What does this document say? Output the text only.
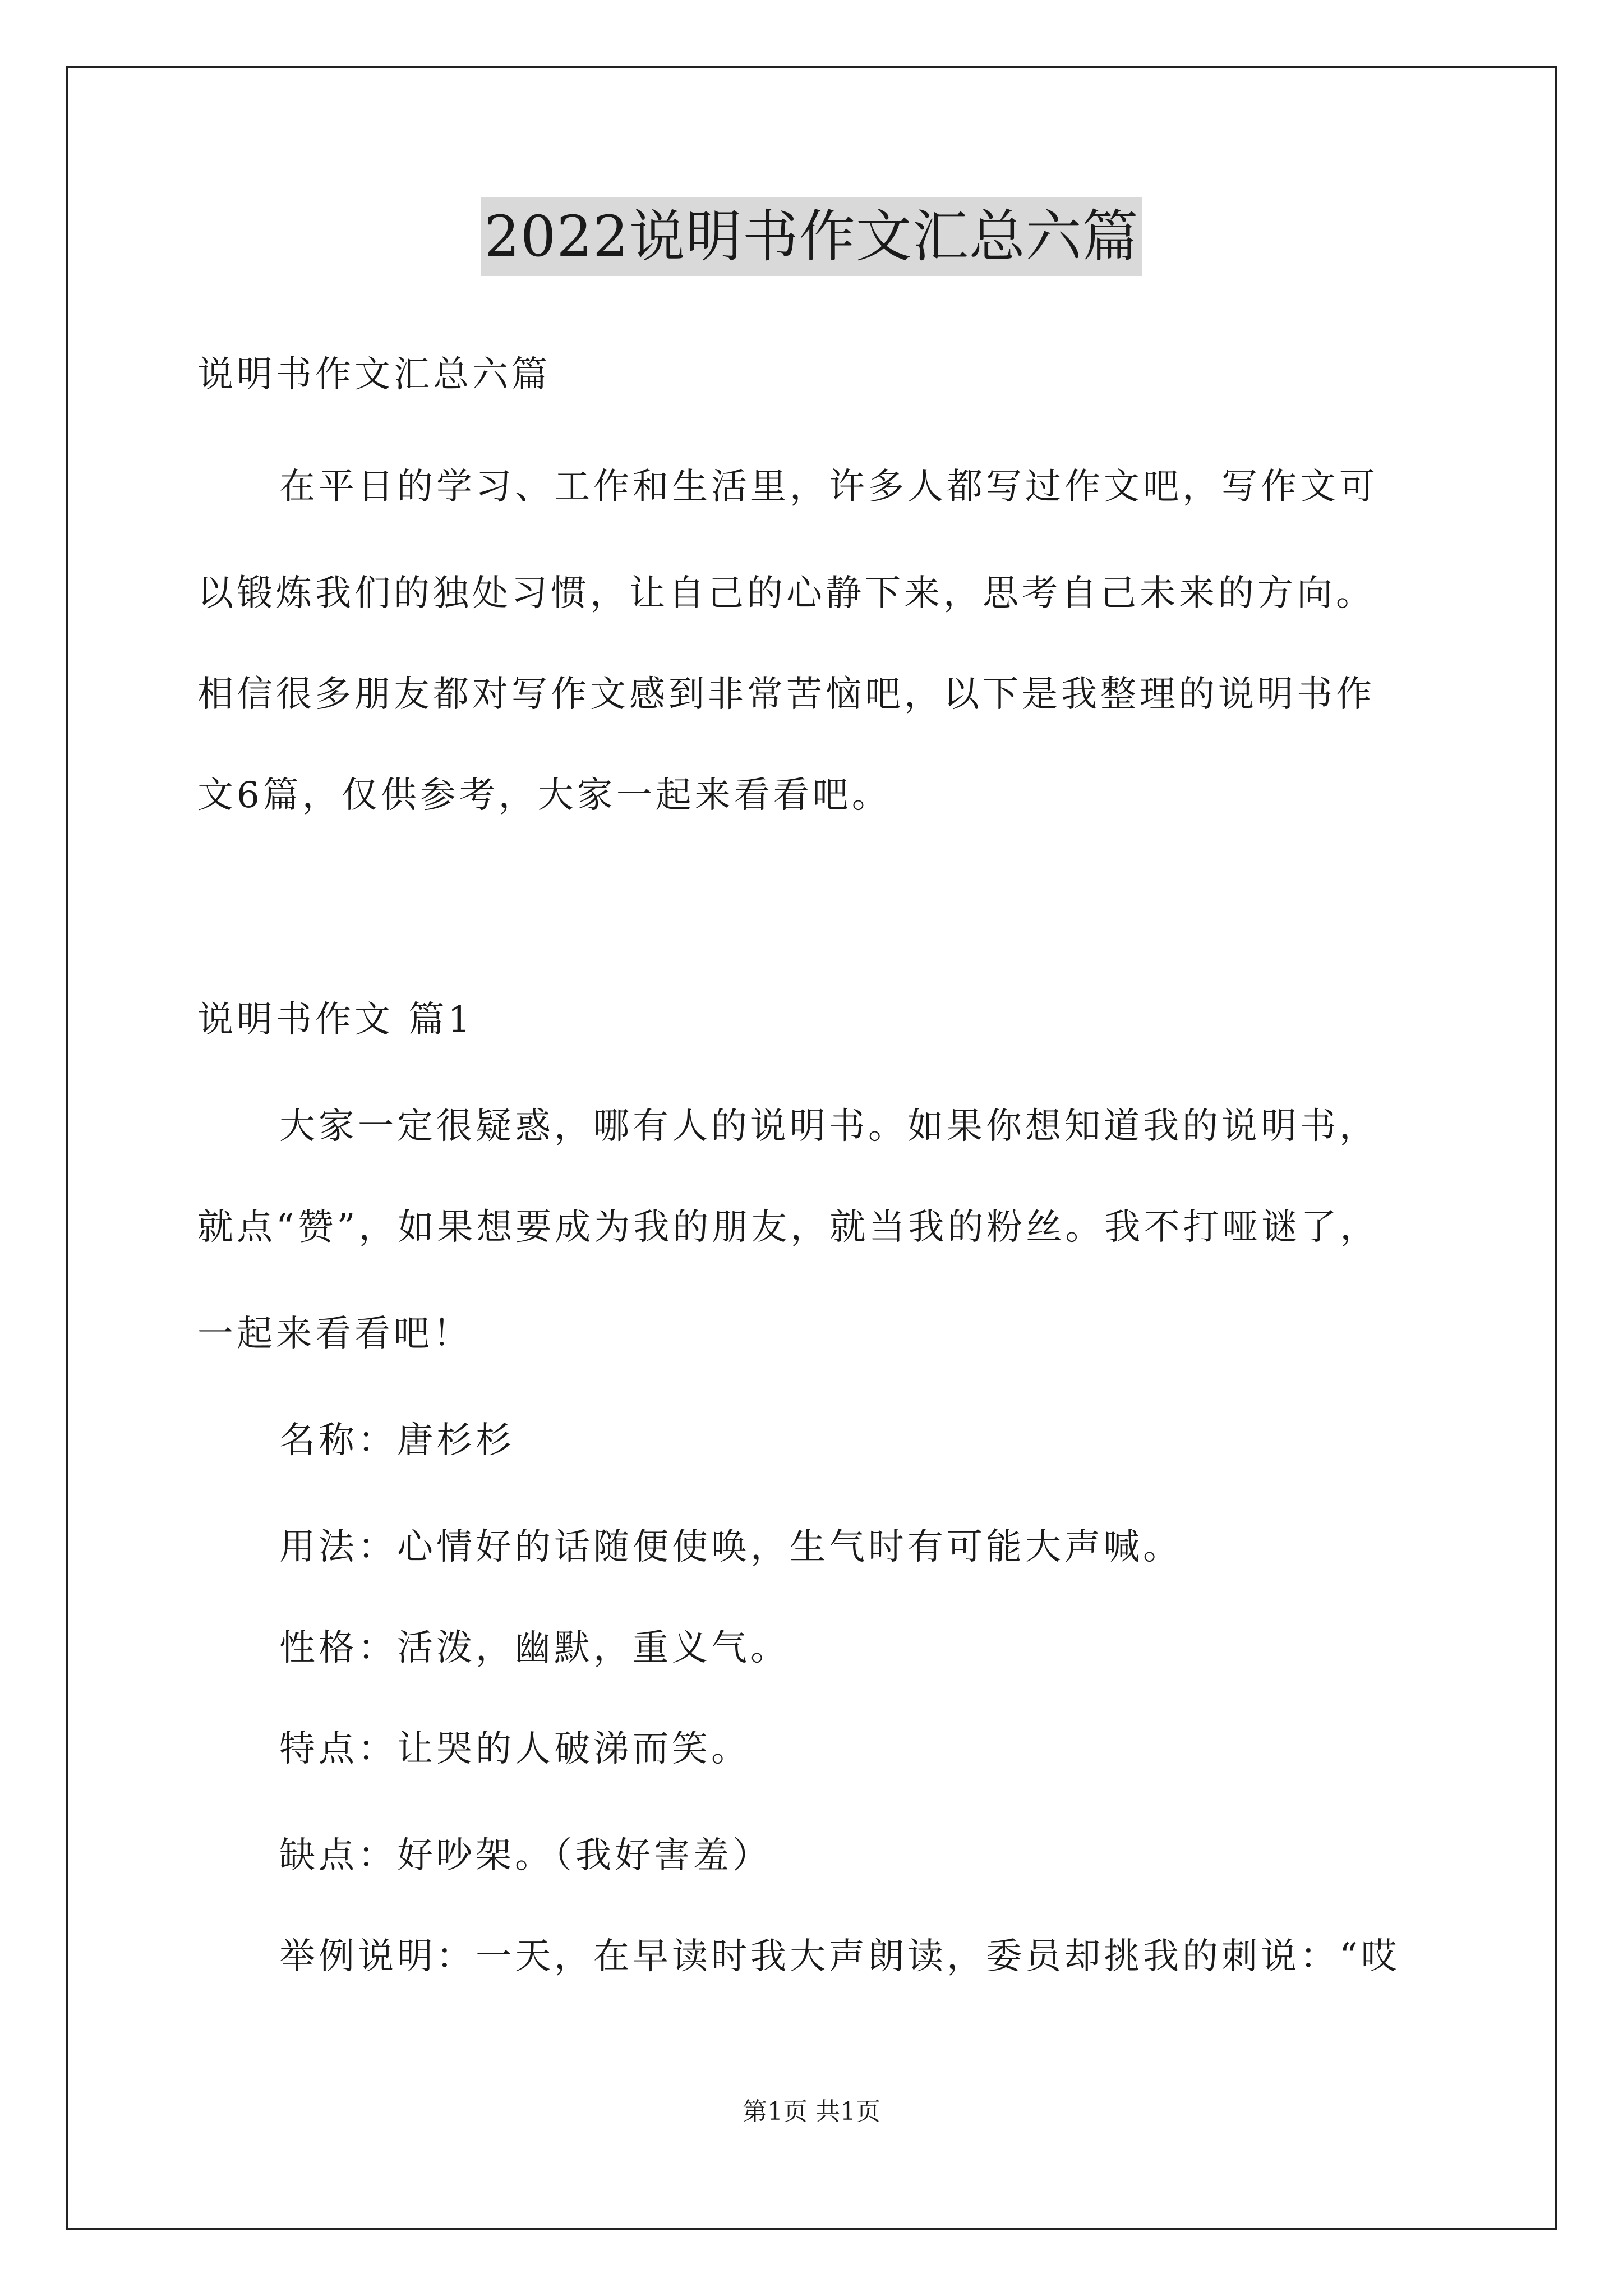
2022说明书作文汇总六篇
说明书作文汇总六篇
在平日的学习、工作和生活里，许多人都写过作文吧，写作文可
以锻炼我们的独处习惯，让自己的心静下来，思考自己未来的方向。
相信很多朋友都对写作文感到非常苦恼吧，以下是我整理的说明书作
文6篇，仅供参考，大家一起来看看吧。
说明书作文 篇1
大家一定很疑惑，哪有人的说明书。如果你想知道我的说明书，
就点“赞”，如果想要成为我的朋友，就当我的粉丝。我不打哑谜了，
一起来看看吧！
名称：唐杉杉
用法：心情好的话随便使唤，生气时有可能大声喊。
性格：活泼，幽默，重义气。
特点：让哭的人破涕而笑。
缺点：好吵架。（我好害羞）
举例说明：一天，在早读时我大声朗读，委员却挑我的刺说：“哎
第1页 共1页
